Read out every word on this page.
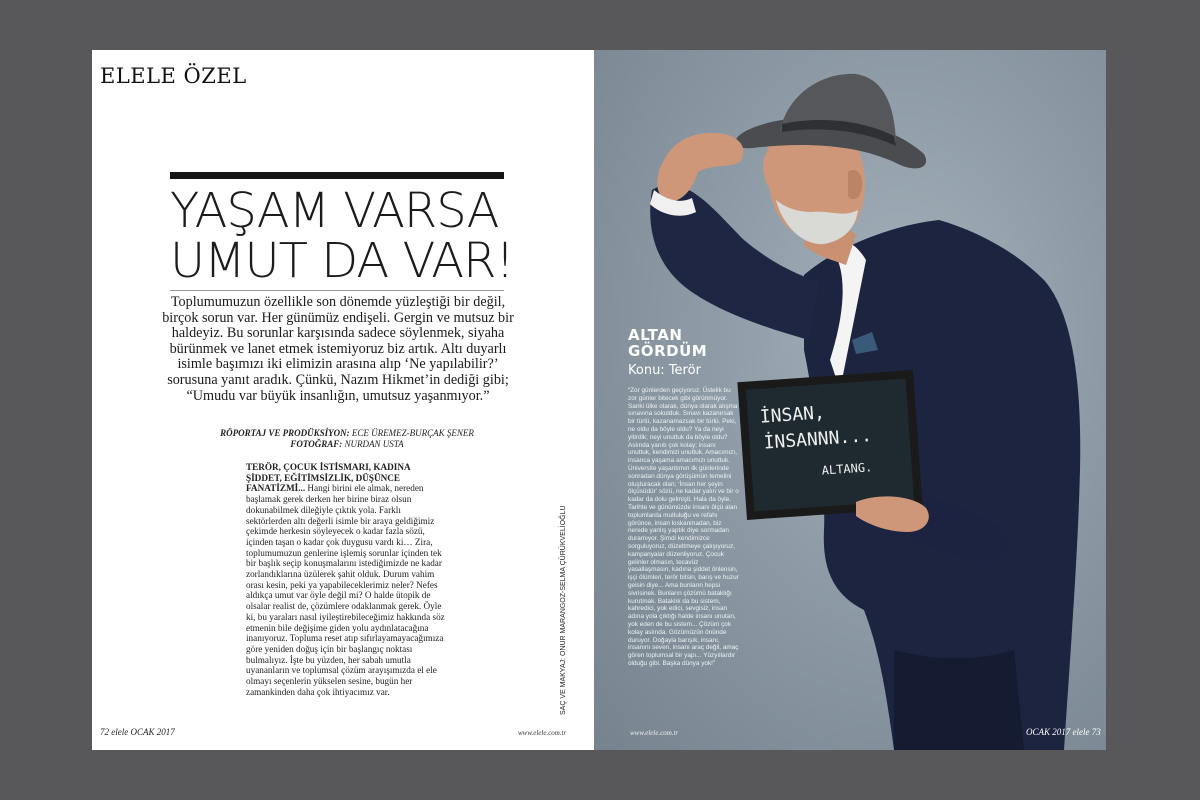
ELELE ÖZEL
YAŞAM VARSA
UMUT DA VAR!
Toplumumuzun özellikle son dönemde yüzleştiği bir değil, birçok sorun var. Her günümüz endişeli. Gergin ve mutsuz bir haldeyiz. Bu sorunlar karşısında sadece söylenmek, siyaha bürünmek ve lanet etmek istemiyoruz biz artık. Altı duyarlı isimle başımızı iki elimizin arasına alıp ‘Ne yapılabilir?’ sorusuna yanıt aradık. Çünkü, Nazım Hikmet’in dediği gibi; “Umudu var büyük insanlığın, umutsuz yaşanmıyor.”
RÖPORTAJ VE PRODÜKSİYON: ECE ÜREMEZ-BURÇAK ŞENER
FOTOĞRAF: NURDAN USTA
TERÖR, ÇOCUK İSTİSMARI, KADINA ŞİDDET, EĞİTİMSİZLİK, DÜŞÜNCE FANATİZMİ... Hangi birini ele almak, nereden başlamak gerek derken her birine biraz olsun dokunabilmek dileğiyle çıktık yola. Farklı sektörlerden altı değerli isimle bir araya geldiğimiz çekimde herkesin söyleyecek o kadar fazla sözü, içinden taşan o kadar çok duygusu vardı ki… Zira, toplumumuzun genlerine işlemiş sorunlar içinden tek bir başlık seçip konuşmalarını istediğimizde ne kadar zorlandıklarına üzülerek şahit olduk. Durum vahim orası kesin, peki ya yapabileceklerimiz neler? Nefes aldıkça umut var öyle değil mi? O halde ütopik de olsalar realist de, çözümlere odaklanmak gerek. Öyle ki, bu yaraları nasıl iyileştirebileceğimiz hakkında söz etmenin bile değişime giden yolu aydınlatacağına inanıyoruz. Topluma reset atıp sıfırlayamayacağımıza göre yeniden doğuş için bir başlangıç noktası bulmalıyız. İşte bu yüzden, her sabah umutla uyananların ve toplumsal çözüm arayışımızda el ele olmayı seçenlerin yükselen sesine, bugün her zamankinden daha çok ihtiyacımız var.	SAÇ VE MAKYAJ: ONUR MARANGOZ-SELMA ÇÜRÜKVELİOĞLU
72 elele OCAK 2017	www.elele.com.tr
İNSAN,
İNSANNN...
ALTANG.
ALTAN
GÖRDÜM
Konu: Terör
“Zor günlerden geçiyoruz. Üstelik bu zor günler bitecek gibi görünmüyor. Sanki ülke olarak, dünya olarak alışma sınavına sokulduk. Sınavı kazanırsak bir türlü, kazanamazsak bir türlü. Peki, ne oldu da böyle oldu? Ya da neyi yitirdik; neyi unuttuk da böyle oldu? Aslında yanıtı çok kolay; insanı unuttuk, kendimizi unuttuk. Amacımızı, insanca yaşama amacımızı unuttuk. Üniversite yaşantımın ilk günlerinde sonradan dünya görüşümün temelini oluşturacak olan; ‘İnsan her şeyin ölçüsüdür’ sözü, ne kadar yalın ve bir o kadar da dolu gelmişti. Hala da öyle. Tarihte ve günümüzde insanı ölçü alan toplumlarda mutluluğu ve refahı görünce, insan kıskanmadan, biz nerede yanlış yaptık diye sormadan duramıyor. Şimdi kendimizce sorguluyoruz, düzeltmeye çalışıyoruz, kampanyalar düzenliyoruz. Çocuk gelinler olmasın, tecavüz yasallaşmasın, kadına şiddet önlensin, işçi ölümleri, terör bitsin, barış ve huzur gelsin diye... Ama bunların hepsi sivrisinek. Bunların çözümü bataklığı kurutmak. Bataklık da bu sistem, kahredici, yok edici, sevgisiz, insan adına yola çıktığı halde insanı unutan, yok eden de bu sistem... Çözüm çok kolay aslında. Gözümüzün önünde duruyor. Doğayla barışık, insanı, insanını seven, insanı araç değil, amaç gören toplumsal bir yapı... Yüzyıllardır olduğu gibi. Başka dünya yok!”
www.elele.com.tr	OCAK 2017 elele 73
